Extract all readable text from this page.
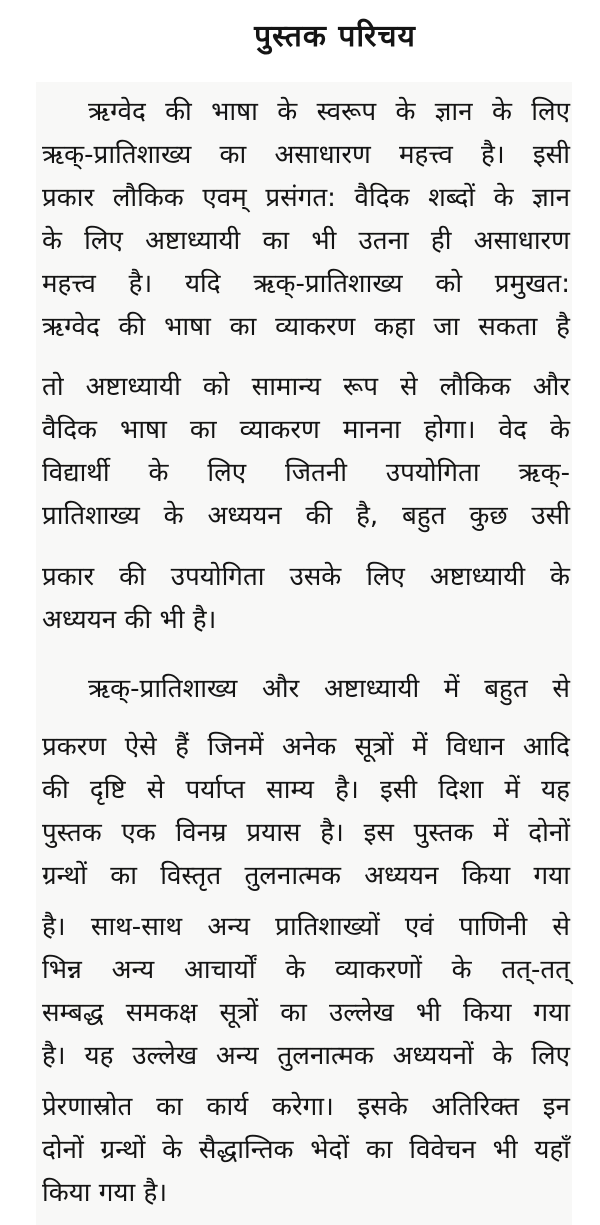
पुस्तक परिचय
ऋग्वेद की भाषा के स्वरूप के ज्ञान के लिए
ऋक्-प्रातिशाख्य का असाधारण महत्त्व है। इसी
प्रकार लौकिक एवम् प्रसंगत: वैदिक शब्दों के ज्ञान
के लिए अष्टाध्यायी का भी उतना ही असाधारण
महत्त्व है। यदि ऋक्-प्रातिशाख्य को प्रमुखत:
ऋग्वेद की भाषा का व्याकरण कहा जा सकता है
तो अष्टाध्यायी को सामान्य रूप से लौकिक और
वैदिक भाषा का व्याकरण मानना होगा। वेद के
विद्यार्थी के लिए जितनी उपयोगिता ऋक्-
प्रातिशाख्य के अध्ययन की है, बहुत कुछ उसी
प्रकार की उपयोगिता उसके लिए अष्टाध्यायी के
अध्ययन की भी है।
ऋक्-प्रातिशाख्य और अष्टाध्यायी में बहुत से
प्रकरण ऐसे हैं जिनमें अनेक सूत्रों में विधान आदि
की दृष्टि से पर्याप्त साम्य है। इसी दिशा में यह
पुस्तक एक विनम्र प्रयास है। इस पुस्तक में दोनों
ग्रन्थों का विस्तृत तुलनात्मक अध्ययन किया गया
है। साथ-साथ अन्य प्रातिशाख्यों एवं पाणिनी से
भिन्न अन्य आचार्यों के व्याकरणों के तत्-तत्
सम्बद्ध समकक्ष सूत्रों का उल्लेख भी किया गया
है। यह उल्लेख अन्य तुलनात्मक अध्ययनों के लिए
प्रेरणास्रोत का कार्य करेगा। इसके अतिरिक्त इन
दोनों ग्रन्थों के सैद्धान्तिक भेदों का विवेचन भी यहाँ
किया गया है।
